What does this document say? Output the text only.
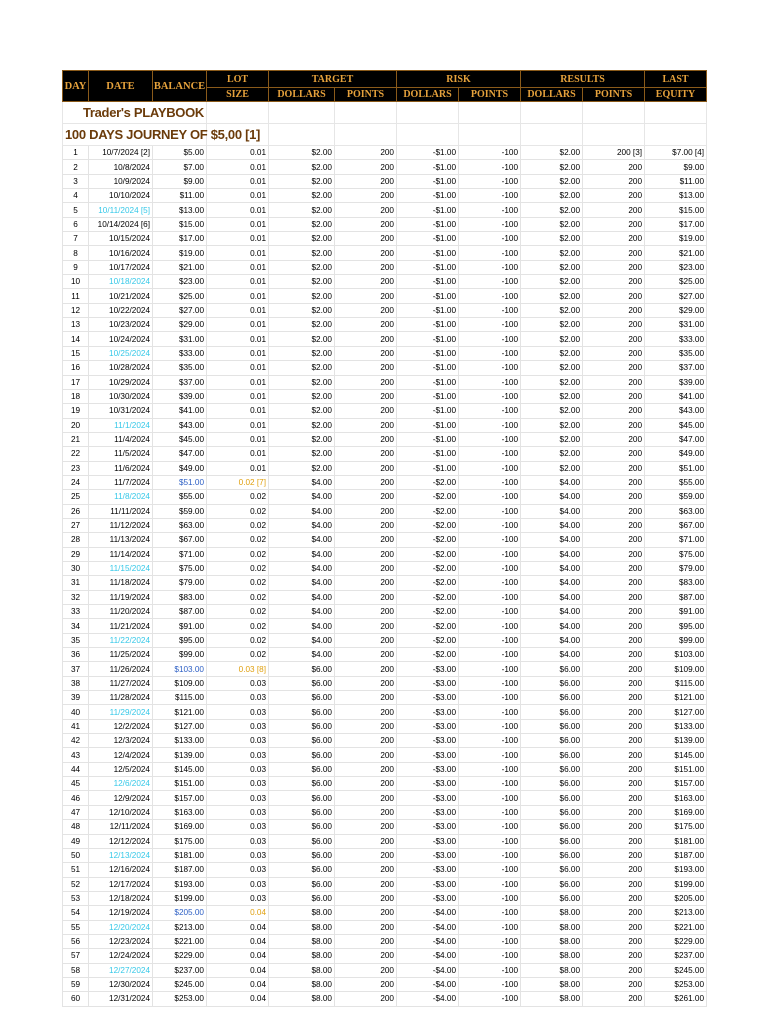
Trader's PLAYBOOK										
100 DAYS JOURNEY OF $5,00 [1]										
DAY	DATE	BALANCE	LOT	TARGET		RISK		RESULTS		LAST
			SIZE	DOLLARS	POINTS	DOLLARS	POINTS	DOLLARS	POINTS	EQUITY
1	10/7/2024 [2]	$5.00	0.01	$2.00	200	-$1.00	-100	$2.00	200 [3]	$7.00 [4]
2	10/8/2024	$7.00	0.01	$2.00	200	-$1.00	-100	$2.00	200	$9.00
3	10/9/2024	$9.00	0.01	$2.00	200	-$1.00	-100	$2.00	200	$11.00
4	10/10/2024	$11.00	0.01	$2.00	200	-$1.00	-100	$2.00	200	$13.00
5	10/11/2024 [5]	$13.00	0.01	$2.00	200	-$1.00	-100	$2.00	200	$15.00
6	10/14/2024 [6]	$15.00	0.01	$2.00	200	-$1.00	-100	$2.00	200	$17.00
7	10/15/2024	$17.00	0.01	$2.00	200	-$1.00	-100	$2.00	200	$19.00
8	10/16/2024	$19.00	0.01	$2.00	200	-$1.00	-100	$2.00	200	$21.00
9	10/17/2024	$21.00	0.01	$2.00	200	-$1.00	-100	$2.00	200	$23.00
10	10/18/2024	$23.00	0.01	$2.00	200	-$1.00	-100	$2.00	200	$25.00
11	10/21/2024	$25.00	0.01	$2.00	200	-$1.00	-100	$2.00	200	$27.00
12	10/22/2024	$27.00	0.01	$2.00	200	-$1.00	-100	$2.00	200	$29.00
13	10/23/2024	$29.00	0.01	$2.00	200	-$1.00	-100	$2.00	200	$31.00
14	10/24/2024	$31.00	0.01	$2.00	200	-$1.00	-100	$2.00	200	$33.00
15	10/25/2024	$33.00	0.01	$2.00	200	-$1.00	-100	$2.00	200	$35.00
16	10/28/2024	$35.00	0.01	$2.00	200	-$1.00	-100	$2.00	200	$37.00
17	10/29/2024	$37.00	0.01	$2.00	200	-$1.00	-100	$2.00	200	$39.00
18	10/30/2024	$39.00	0.01	$2.00	200	-$1.00	-100	$2.00	200	$41.00
19	10/31/2024	$41.00	0.01	$2.00	200	-$1.00	-100	$2.00	200	$43.00
20	11/1/2024	$43.00	0.01	$2.00	200	-$1.00	-100	$2.00	200	$45.00
21	11/4/2024	$45.00	0.01	$2.00	200	-$1.00	-100	$2.00	200	$47.00
22	11/5/2024	$47.00	0.01	$2.00	200	-$1.00	-100	$2.00	200	$49.00
23	11/6/2024	$49.00	0.01	$2.00	200	-$1.00	-100	$2.00	200	$51.00
24	11/7/2024	$51.00	0.02 [7]	$4.00	200	-$2.00	-100	$4.00	200	$55.00
25	11/8/2024	$55.00	0.02	$4.00	200	-$2.00	-100	$4.00	200	$59.00
26	11/11/2024	$59.00	0.02	$4.00	200	-$2.00	-100	$4.00	200	$63.00
27	11/12/2024	$63.00	0.02	$4.00	200	-$2.00	-100	$4.00	200	$67.00
28	11/13/2024	$67.00	0.02	$4.00	200	-$2.00	-100	$4.00	200	$71.00
29	11/14/2024	$71.00	0.02	$4.00	200	-$2.00	-100	$4.00	200	$75.00
30	11/15/2024	$75.00	0.02	$4.00	200	-$2.00	-100	$4.00	200	$79.00
31	11/18/2024	$79.00	0.02	$4.00	200	-$2.00	-100	$4.00	200	$83.00
32	11/19/2024	$83.00	0.02	$4.00	200	-$2.00	-100	$4.00	200	$87.00
33	11/20/2024	$87.00	0.02	$4.00	200	-$2.00	-100	$4.00	200	$91.00
34	11/21/2024	$91.00	0.02	$4.00	200	-$2.00	-100	$4.00	200	$95.00
35	11/22/2024	$95.00	0.02	$4.00	200	-$2.00	-100	$4.00	200	$99.00
36	11/25/2024	$99.00	0.02	$4.00	200	-$2.00	-100	$4.00	200	$103.00
37	11/26/2024	$103.00	0.03 [8]	$6.00	200	-$3.00	-100	$6.00	200	$109.00
38	11/27/2024	$109.00	0.03	$6.00	200	-$3.00	-100	$6.00	200	$115.00
39	11/28/2024	$115.00	0.03	$6.00	200	-$3.00	-100	$6.00	200	$121.00
40	11/29/2024	$121.00	0.03	$6.00	200	-$3.00	-100	$6.00	200	$127.00
41	12/2/2024	$127.00	0.03	$6.00	200	-$3.00	-100	$6.00	200	$133.00
42	12/3/2024	$133.00	0.03	$6.00	200	-$3.00	-100	$6.00	200	$139.00
43	12/4/2024	$139.00	0.03	$6.00	200	-$3.00	-100	$6.00	200	$145.00
44	12/5/2024	$145.00	0.03	$6.00	200	-$3.00	-100	$6.00	200	$151.00
45	12/6/2024	$151.00	0.03	$6.00	200	-$3.00	-100	$6.00	200	$157.00
46	12/9/2024	$157.00	0.03	$6.00	200	-$3.00	-100	$6.00	200	$163.00
47	12/10/2024	$163.00	0.03	$6.00	200	-$3.00	-100	$6.00	200	$169.00
48	12/11/2024	$169.00	0.03	$6.00	200	-$3.00	-100	$6.00	200	$175.00
49	12/12/2024	$175.00	0.03	$6.00	200	-$3.00	-100	$6.00	200	$181.00
50	12/13/2024	$181.00	0.03	$6.00	200	-$3.00	-100	$6.00	200	$187.00
51	12/16/2024	$187.00	0.03	$6.00	200	-$3.00	-100	$6.00	200	$193.00
52	12/17/2024	$193.00	0.03	$6.00	200	-$3.00	-100	$6.00	200	$199.00
53	12/18/2024	$199.00	0.03	$6.00	200	-$3.00	-100	$6.00	200	$205.00
54	12/19/2024	$205.00	0.04	$8.00	200	-$4.00	-100	$8.00	200	$213.00
55	12/20/2024	$213.00	0.04	$8.00	200	-$4.00	-100	$8.00	200	$221.00
56	12/23/2024	$221.00	0.04	$8.00	200	-$4.00	-100	$8.00	200	$229.00
57	12/24/2024	$229.00	0.04	$8.00	200	-$4.00	-100	$8.00	200	$237.00
58	12/27/2024	$237.00	0.04	$8.00	200	-$4.00	-100	$8.00	200	$245.00
59	12/30/2024	$245.00	0.04	$8.00	200	-$4.00	-100	$8.00	200	$253.00
60	12/31/2024	$253.00	0.04	$8.00	200	-$4.00	-100	$8.00	200	$261.00
